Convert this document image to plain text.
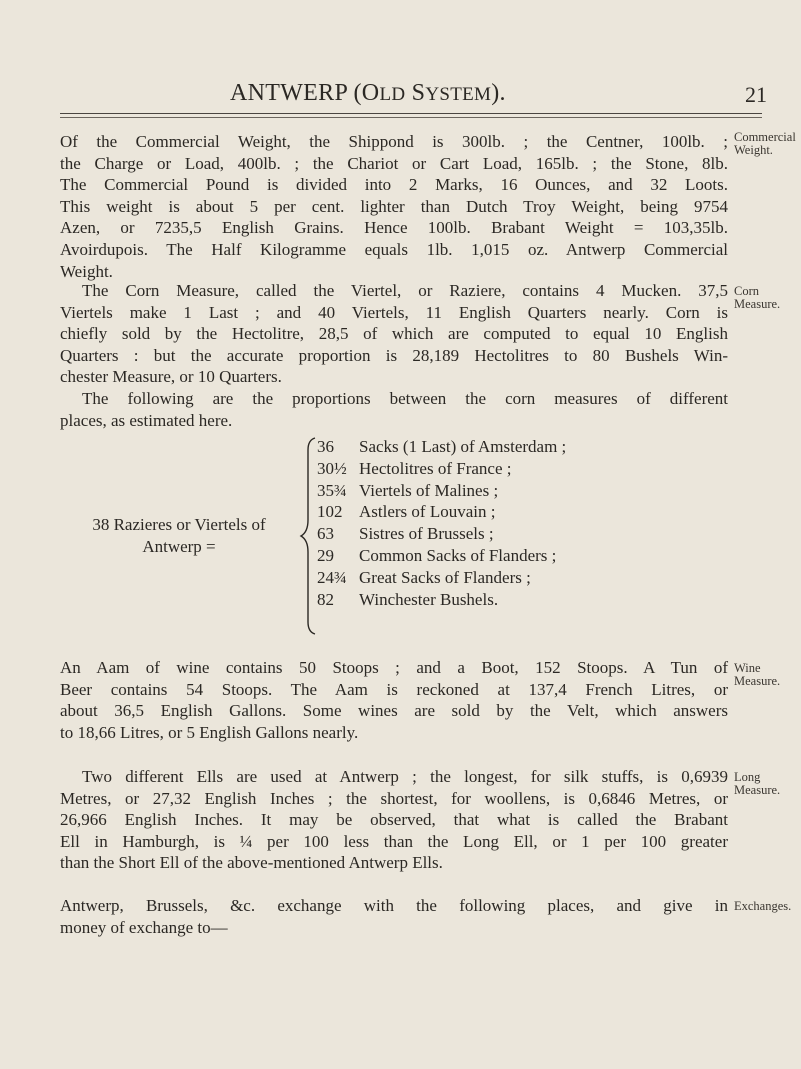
ANTWERP (OLD SYSTEM).	21
Of the Commercial Weight, the Shippond is 300lb. ; the Centner, 100lb. ;
the Charge or Load, 400lb. ; the Chariot or Cart Load, 165lb. ; the Stone, 8lb.
The Commercial Pound is divided into 2 Marks, 16 Ounces, and 32 Loots.
This weight is about 5 per cent. lighter than Dutch Troy Weight, being 9754
Azen, or 7235,5 English Grains. Hence 100lb. Brabant Weight = 103,35lb.
Avoirdupois. The Half Kilogramme equals 1lb. 1,015 oz. Antwerp Commercial
Weight.
Commercial
Weight.
The Corn Measure, called the Viertel, or Raziere, contains 4 Mucken. 37,5
Viertels make 1 Last ; and 40 Viertels, 11 English Quarters nearly. Corn is
chiefly sold by the Hectolitre, 28,5 of which are computed to equal 10 English
Quarters : but the accurate proportion is 28,189 Hectolitres to 80 Bushels Win-
chester Measure, or 10 Quarters.
The following are the proportions between the corn measures of different
places, as estimated here.
Corn
Measure.
38 Razieres or Viertels of
Antwerp =
36 Sacks (1 Last) of Amsterdam ;
30½ Hectolitres of France ;
35¾ Viertels of Malines ;
102 Astlers of Louvain ;
63 Sistres of Brussels ;
29 Common Sacks of Flanders ;
24¾ Great Sacks of Flanders ;
82 Winchester Bushels.
An Aam of wine contains 50 Stoops ; and a Boot, 152 Stoops. A Tun of
Beer contains 54 Stoops. The Aam is reckoned at 137,4 French Litres, or
about 36,5 English Gallons. Some wines are sold by the Velt, which answers
to 18,66 Litres, or 5 English Gallons nearly.
Wine
Measure.
Two different Ells are used at Antwerp ; the longest, for silk stuffs, is 0,6939
Metres, or 27,32 English Inches ; the shortest, for woollens, is 0,6846 Metres, or
26,966 English Inches. It may be observed, that what is called the Brabant
Ell in Hamburgh, is ¼ per 100 less than the Long Ell, or 1 per 100 greater
than the Short Ell of the above-mentioned Antwerp Ells.
Long
Measure.
Antwerp, Brussels, &c. exchange with the following places, and give in
money of exchange to—
Exchanges.
